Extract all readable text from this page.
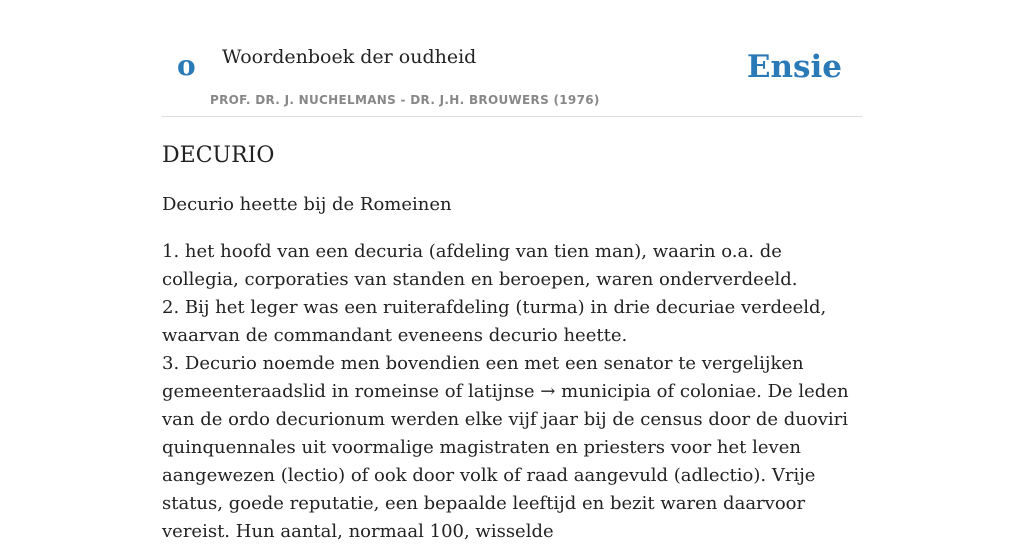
o Woordenboek der oudheid
PROF. DR. J. NUCHELMANS - DR. J.H. BROUWERS (1976)
Ensie
DECURIO

Decurio heette bij de Romeinen

1. het hoofd van een decuria (afdeling van tien man), waarin o.a. de collegia, corporaties van standen en beroepen, waren onderverdeeld.

2. Bij het leger was een ruiterafdeling (turma) in drie decuriae verdeeld, waarvan de commandant eveneens decurio heette.

3. Decurio noemde men bovendien een met een senator te vergelijken gemeenteraadslid in romeinse of latijnse → municipia of coloniae. De leden van de ordo decurionum werden elke vijf jaar bij de census door de duoviri quinquennales uit voormalige magistraten en priesters voor het leven aangewezen (lectio) of ook door volk of raad aangevuld (adlectio). Vrije status, goede reputatie, een bepaalde leeftijd en bezit waren daarvoor vereist. Hun aantal, normaal 100, wisselde
